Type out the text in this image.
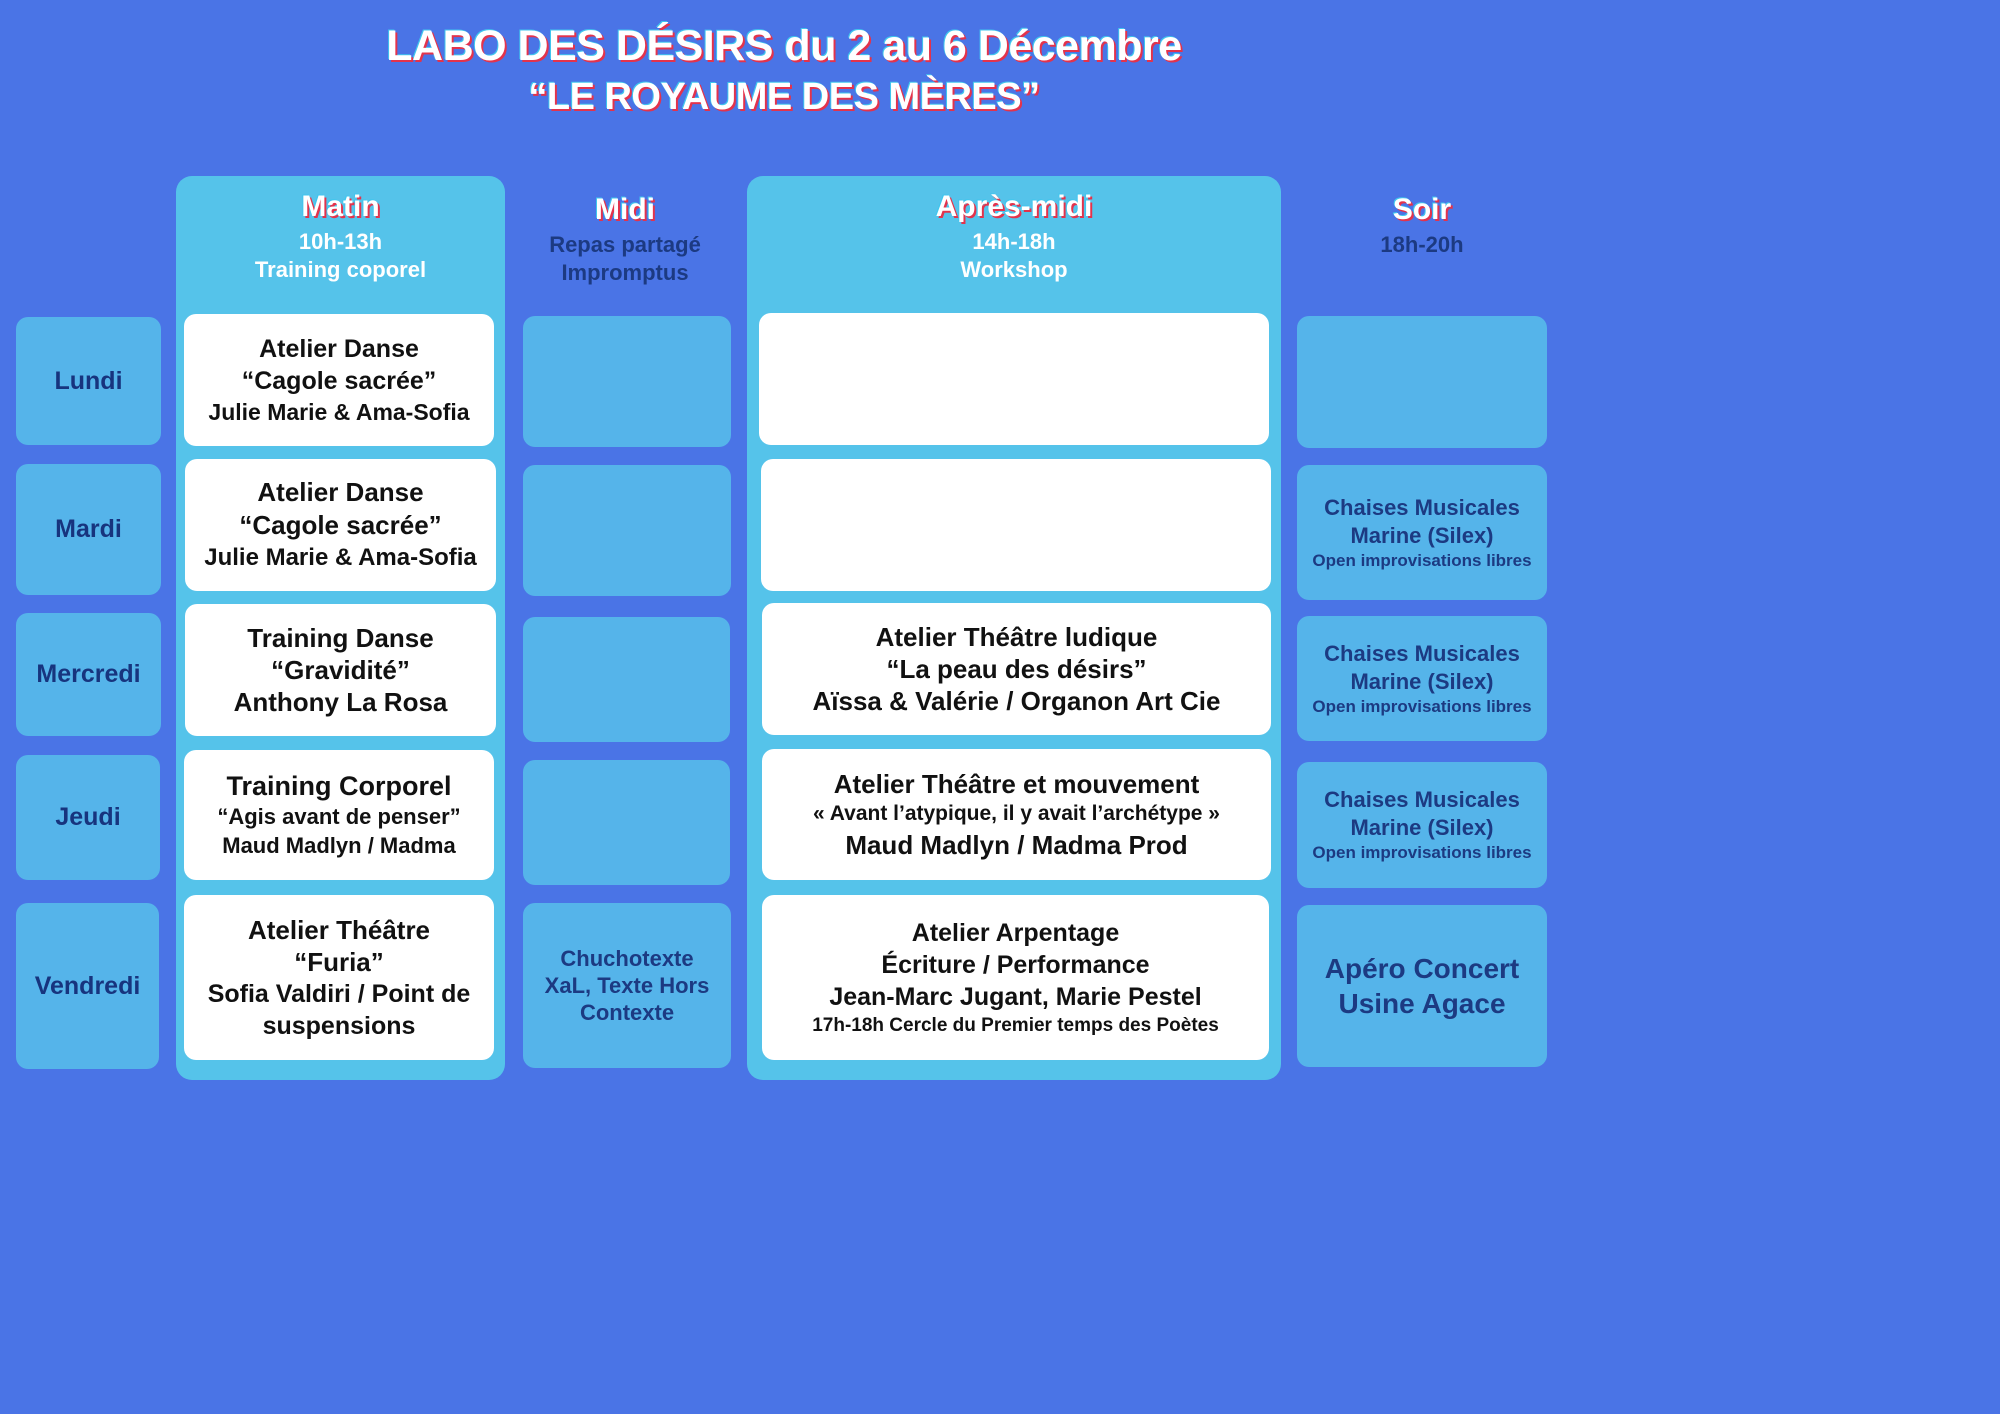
LABO DES DÉSIRS du 2 au 6 Décembre
“LE ROYAUME DES MÈRES”
Matin
10h-13h
Training coporel
Midi
Repas partagé
Impromptus
Après-midi
14h-18h
Workshop
Soir
18h-20h
Lundi
Mardi
Mercredi
Jeudi
Vendredi
Atelier Danse
“Cagole sacrée”
Julie Marie & Ama-Sofia
Atelier Danse
“Cagole sacrée”
Julie Marie & Ama-Sofia
Training Danse
“Gravidité”
Anthony La Rosa
Training Corporel
“Agis avant de penser”
Maud Madlyn / Madma
Atelier Théâtre
“Furia”
Sofia Valdiri / Point de
suspensions
Chuchotexte
XaL, Texte Hors
Contexte
Atelier Théâtre ludique
“La peau des désirs”
Aïssa & Valérie / Organon Art Cie
Atelier Théâtre et mouvement
« Avant l’atypique, il y avait l’archétype »
Maud Madlyn / Madma Prod
Atelier Arpentage
Écriture / Performance
Jean-Marc Jugant, Marie Pestel
17h-18h Cercle du Premier temps des Poètes
Chaises Musicales
Marine (Silex)
Open improvisations libres
Chaises Musicales
Marine (Silex)
Open improvisations libres
Chaises Musicales
Marine (Silex)
Open improvisations libres
Apéro Concert
Usine Agace
